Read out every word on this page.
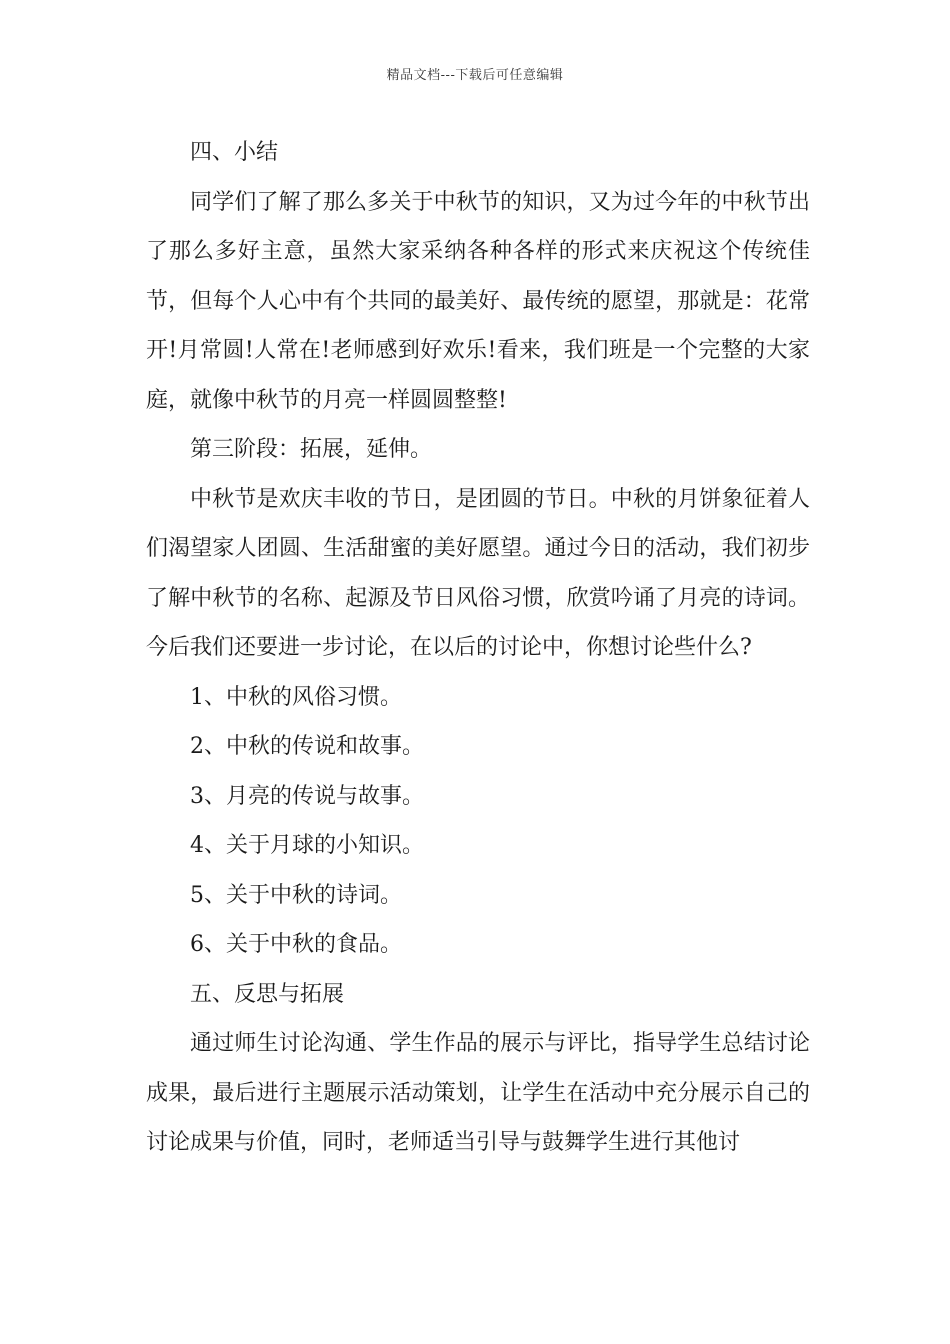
精品文档---下载后可任意编辑

四、小结

同学们了解了那么多关于中秋节的知识，又为过今年的中秋节出了那么多好主意，虽然大家采纳各种各样的形式来庆祝这个传统佳节，但每个人心中有个共同的最美好、最传统的愿望，那就是：花常开!月常圆!人常在!老师感到好欢乐!看来，我们班是一个完整的大家庭，就像中秋节的月亮一样圆圆整整!

第三阶段：拓展，延伸。

中秋节是欢庆丰收的节日，是团圆的节日。中秋的月饼象征着人们渴望家人团圆、生活甜蜜的美好愿望。通过今日的活动，我们初步了解中秋节的名称、起源及节日风俗习惯，欣赏吟诵了月亮的诗词。今后我们还要进一步讨论，在以后的讨论中，你想讨论些什么?

1、中秋的风俗习惯。

2、中秋的传说和故事。

3、月亮的传说与故事。

4、关于月球的小知识。

5、关于中秋的诗词。

6、关于中秋的食品。

五、反思与拓展

通过师生讨论沟通、学生作品的展示与评比，指导学生总结讨论成果，最后进行主题展示活动策划，让学生在活动中充分展示自己的讨论成果与价值，同时，老师适当引导与鼓舞学生进行其他讨
